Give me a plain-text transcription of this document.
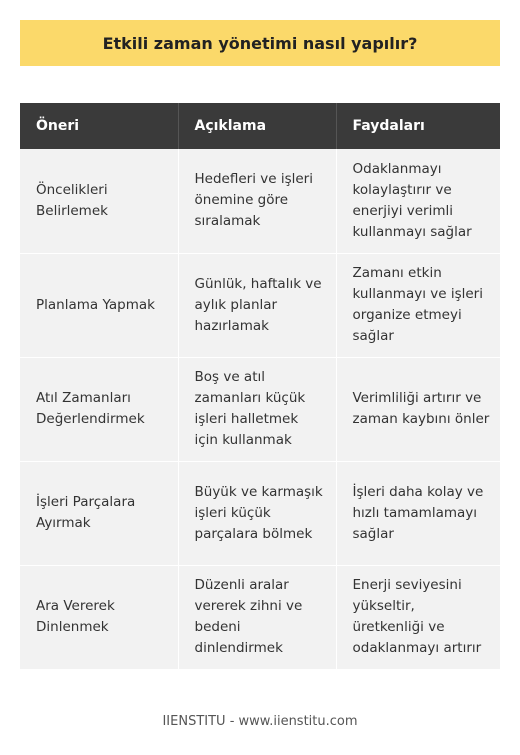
Etkili zaman yönetimi nasıl yapılır?
Öneri	Açıklama	Faydaları
Öncelikleri Belirlemek	Hedefleri ve işleri önemine göre sıralamak	Odaklanmayı kolaylaştırır ve enerjiyi verimli kullanmayı sağlar
Planlama Yapmak	Günlük, haftalık ve aylık planlar hazırlamak	Zamanı etkin kullanmayı ve işleri organize etmeyi sağlar
Atıl Zamanları Değerlendirmek	Boş ve atıl zamanları küçük işleri halletmek için kullanmak	Verimliliği artırır ve zaman kaybını önler
İşleri Parçalara Ayırmak	Büyük ve karmaşık işleri küçük parçalara bölmek	İşleri daha kolay ve hızlı tamamlamayı sağlar
Ara Vererek Dinlenmek	Düzenli aralar vererek zihni ve bedeni dinlendirmek	Enerji seviyesini yükseltir, üretkenliği ve odaklanmayı artırır
IIENSTITU - www.iienstitu.com
